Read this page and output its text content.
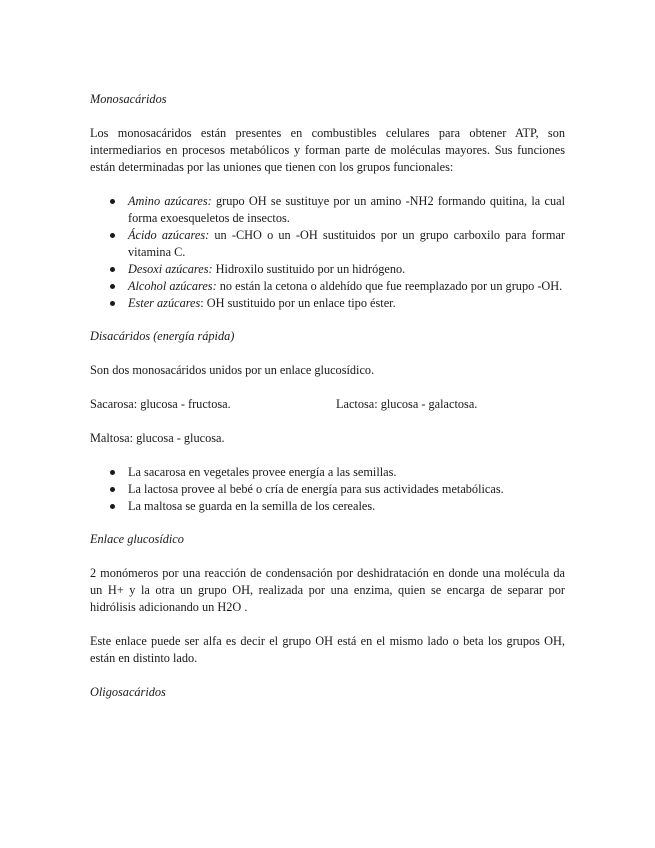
Monosacáridos

Los monosacáridos están presentes en combustibles celulares para obtener ATP, son intermediarios en procesos metabólicos y forman parte de moléculas mayores. Sus funciones están determinadas por las uniones que tienen con los grupos funcionales:

Amino azúcares: grupo OH se sustituye por un amino -NH2 formando quitina, la cual forma exoesqueletos de insectos.
Ácido azúcares: un -CHO o un -OH sustituidos por un grupo carboxilo para formar vitamina C.
Desoxi azúcares: Hidroxilo sustituido por un hidrógeno.
Alcohol azúcares: no están la cetona o aldehído que fue reemplazado por un grupo -OH.
Ester azúcares: OH sustituido por un enlace tipo éster.

Disacáridos (energía rápida)

Son dos monosacáridos unidos por un enlace glucosídico.

Sacarosa: glucosa - fructosa.	Lactosa: glucosa - galactosa.

Maltosa: glucosa - glucosa.

La sacarosa en vegetales provee energía a las semillas.
La lactosa provee al bebé o cría de energía para sus actividades metabólicas.
La maltosa se guarda en la semilla de los cereales.

Enlace glucosídico

2 monómeros por una reacción de condensación por deshidratación en donde una molécula da un H+ y la otra un grupo OH, realizada por una enzima, quien se encarga de separar por hidrólisis adicionando un H2O .

Este enlace puede ser alfa es decir el grupo OH está en el mismo lado o beta los grupos OH, están en distinto lado.

Oligosacáridos
